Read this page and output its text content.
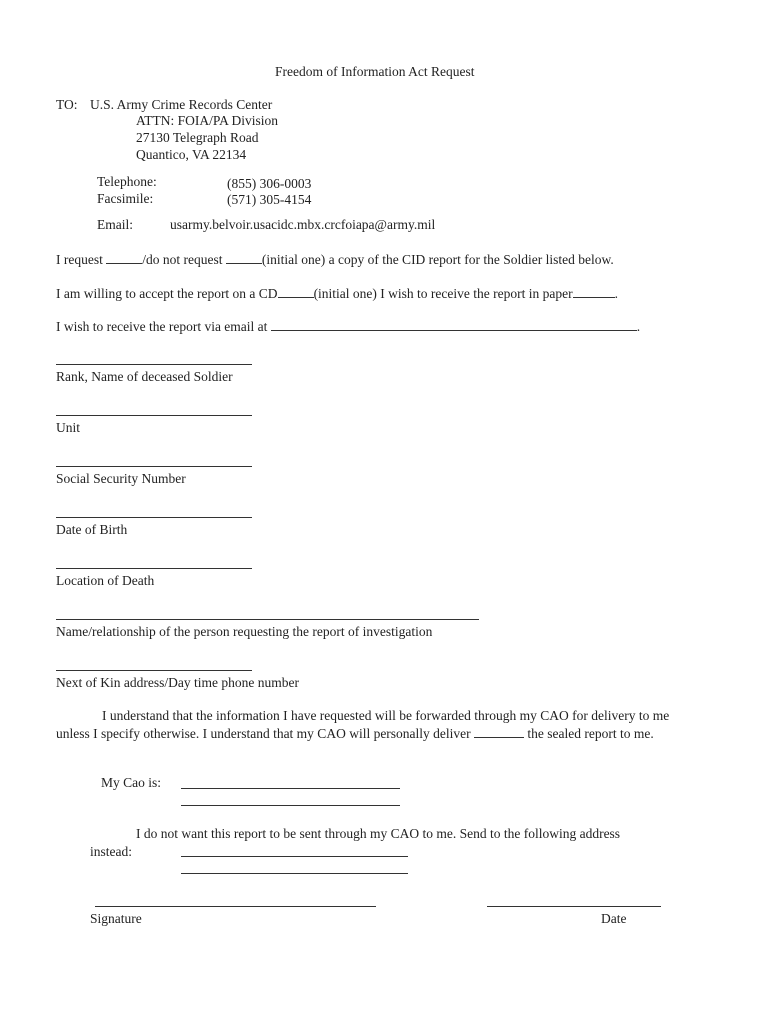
Freedom of Information Act Request
TO: U.S. Army Crime Records Center
ATTN: FOIA/PA Division
27130 Telegraph Road
Quantico, VA 22134
Telephone:	(855) 306-0003
Facsimile:	(571) 305-4154
Email:	usarmy.belvoir.usacidc.mbx.crcfoiapa@army.mil
I request	/do not request	(initial one) a copy of the CID report for the Soldier listed below.
I am willing to accept the report on a CD	(initial one) I wish to receive the report in paper	.
I wish to receive the report via email at	.
Rank, Name of deceased Soldier
Unit
Social Security Number
Date of Birth
Location of Death
Name/relationship of the person requesting the report of investigation
Next of Kin address/Day time phone number
I understand that the information I have requested will be forwarded through my CAO for delivery to me unless I specify otherwise. I understand that my CAO will personally deliver	the sealed report to me.
My Cao is:
I do not want this report to be sent through my CAO to me. Send to the following address
instead:
Signature	Date
